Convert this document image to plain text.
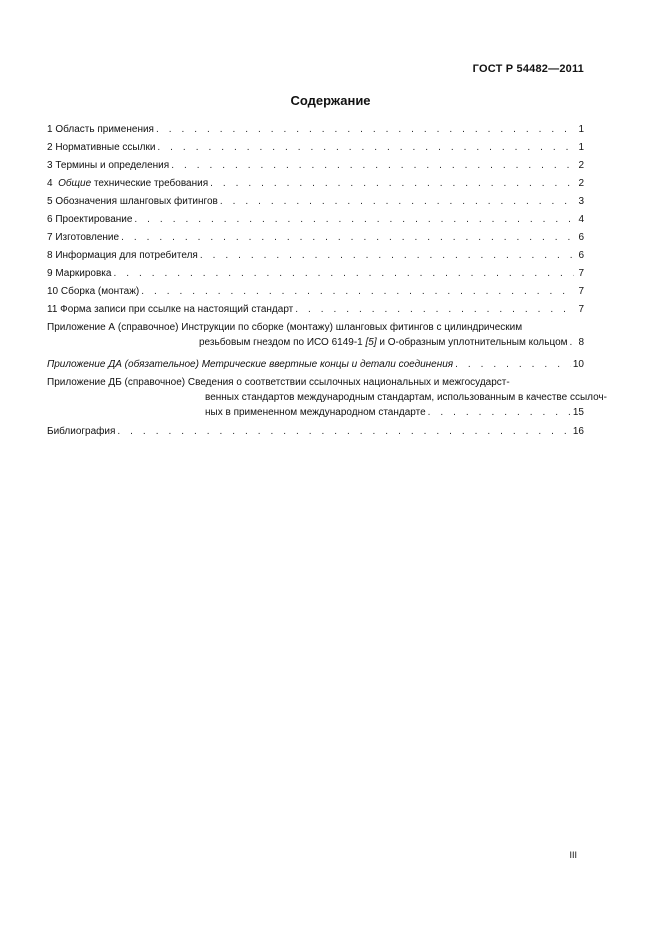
ГОСТ Р 54482—2011
Содержание
1 Область применения . . .	1
2 Нормативные ссылки . . .	1
3 Термины и определения . . .	2
4  Общие технические требования . . .	2
5 Обозначения шланговых фитингов . . .	3
6 Проектирование . . .	4
7 Изготовление . . .	6
8 Информация для потребителя . . .	6
9 Маркировка . . .	7
10 Сборка (монтаж) . . .	7
11 Форма записи при ссылке на настоящий стандарт . . .	7
Приложение А (справочное) Инструкции по сборке (монтажу) шланговых фитингов с цилиндрическим
резьбовым гнездом по ИСО 6149-1 [5] и О-образным уплотнительным кольцом . . . 8
Приложение ДА (обязательное) Метрические ввертные концы и детали соединения . . .	10
Приложение ДБ (справочное) Сведения о соответствии ссылочных национальных и межгосударст-
венных стандартов международным стандартам, использованным в качестве ссылоч-
ных в примененном международном стандарте . . .	15
Библиография . . .	16
III
